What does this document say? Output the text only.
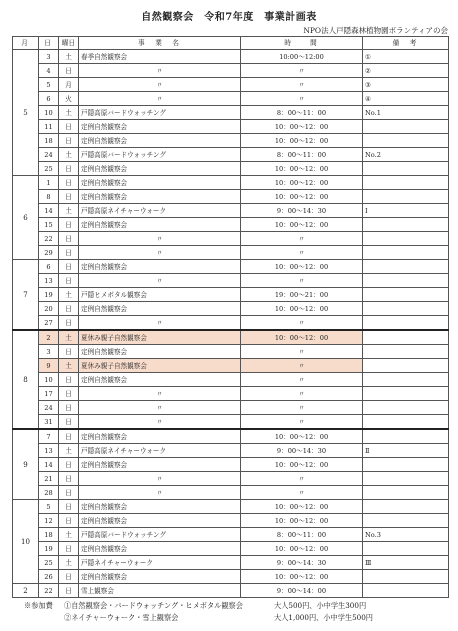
自然観察会　令和7年度　事業計画表
NPO法人戸隠森林植物園ボランティアの会
月	日	曜日	事　業　名	時　　間	備　考
5	3	土	春季自然観察会	10:00～12:00	①
	4	日	〃	〃	②
	5	月	〃	〃	③
	6	火	〃	〃	④
	10	土	戸隠高原バードウォッチング	8：00～11：00	No.1
	11	日	定例自然観察会	10：00～12：00	
	18	日	定例自然観察会	10：00～12：00	
	24	土	戸隠高原バードウォッチング	8：00～11：00	No.2
	25	日	定例自然観察会	10：00～12：00	
6	1	日	定例自然観察会	10：00～12：00	
	8	日	定例自然観察会	10：00～12：00	
	14	土	戸隠高原ネイチャーウォーク	9：00～14：30	Ⅰ
	15	日	定例自然観察会	10：00～12：00	
	22	日	〃	〃	
	29	日	〃	〃	
7	6	日	定例自然観察会	10：00～12：00	
	13	日	〃	〃	
	19	土	戸隠ヒメボタル観察会	19：00～21：00	
	20	日	定例自然観察会	10：00～12：00	
	27	日	〃	〃	
8	2	土	夏休み親子自然観察会	10：00～12：00	
	3	日	定例自然観察会	〃	
	9	土	夏休み親子自然観察会	〃	
	10	日	定例自然観察会	〃	
	17	日	〃	〃	
	24	日	〃	〃	
	31	日	〃	〃	
9	7	日	定例自然観察会	10：00～12：00	
	13	土	戸隠高原ネイチャーウォーク	9：00～14：30	Ⅱ
	14	日	定例自然観察会	10：00～12：00	
	21	日	〃	〃	
	28	日	〃	〃	
10	5	日	定例自然観察会	10：00～12：00	
	12	日	定例自然観察会	10：00～12：00	
	18	土	戸隠高原バードウォッチング	8：00～11：00	No.3
	19	日	定例自然観察会	10：00～12：00	
	25	土	戸隠ネイチャーウォーク	9：00～14：30	Ⅲ
	26	日	定例自然観察会	10：00～12：00	
2	22	日	雪上観察会	9：00～14：00	
※参加費 ①自然観察会・バードウォッチング・ヒメボタル観察会	大人500円、小中学生300円
②ネイチャーウォーク・雪上観察会	大人1,000円、小中学生500円
